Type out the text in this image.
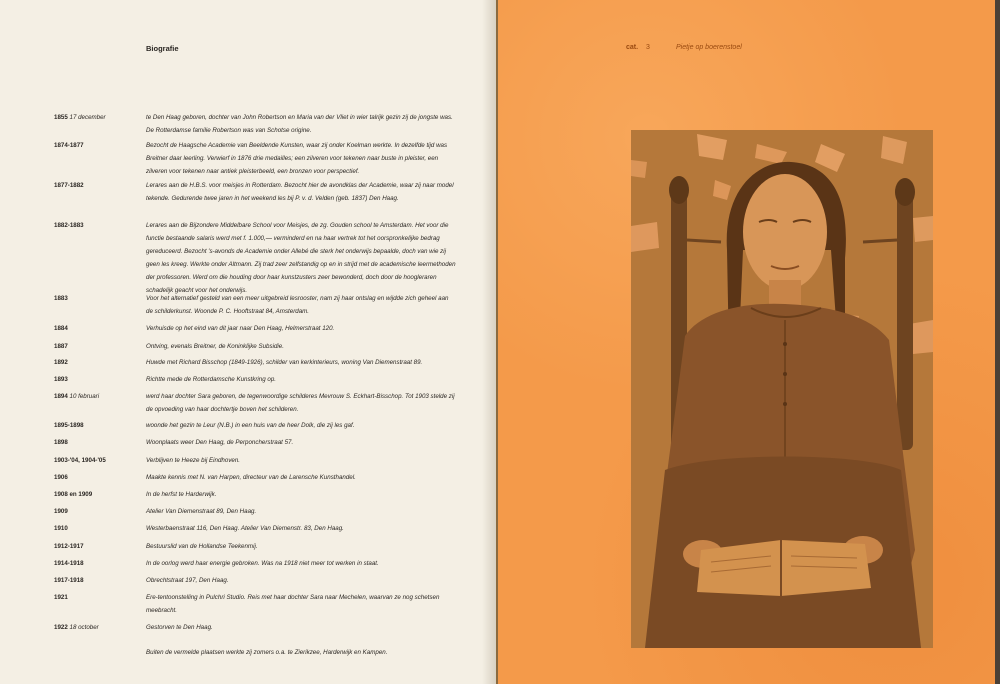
Biografie
1855 17 december	te Den Haag geboren, dochter van John Robertson en Maria van der Vliet in wier talrijk gezin zij de jongste was. De Rotterdamse familie Robertson was van Schotse origine.
1874-1877	Bezocht de Haagsche Academie van Beeldende Kunsten, waar zij onder Koelman werkte. In dezelfde tijd was Breitner daar leerling. Verwierf in 1876 drie medailles; een zilveren voor tekenen naar buste in pleister, een zilveren voor tekenen naar antiek pleisterbeeld, een bronzen voor perspectief.
1877-1882	Lerares aan de H.B.S. voor meisjes in Rotterdam. Bezocht hier de avondklas der Academie, waar zij naar model tekende. Gedurende twee jaren in het weekend les bij P. v. d. Velden (geb. 1837) Den Haag.
1882-1883	Lerares aan de Bijzondere Middelbare School voor Meisjes, de zg. Gouden school te Amsterdam. Het voor die functie bestaande salaris werd met f. 1.000,— verminderd en na haar vertrek tot het oorspronkelijke bedrag gereduceerd. Bezocht 's-avonds de Academie onder Allebé die sterk het onderwijs bepaalde, doch van wie zij geen les kreeg. Werkte onder Altmann. Zij trad zeer zelfstandig op en in strijd met de academische leermethoden der professoren. Werd om die houding door haar kunstzusters zeer bewonderd, doch door de hoogleraren schadelijk geacht voor het onderwijs.
1883	Voor het alternatief gesteld van een meer uitgebreid lesrooster, nam zij haar ontslag en wijdde zich geheel aan de schilderkunst. Woonde P. C. Hooftstraat 84, Amsterdam.
1884	Verhuisde op het eind van dit jaar naar Den Haag, Helmerstraat 120.
1887	Ontving, evenals Breitner, de Koninklijke Subsidie.
1892	Huwde met Richard Bisschop (1849-1926), schilder van kerkinterieurs, woning Van Diemenstraat 89.
1893	Richtte mede de Rotterdamsche Kunstkring op.
1894 10 februari	werd haar dochter Sara geboren, de tegenwoordige schilderes Mevrouw S. Eckhart-Bisschop. Tot 1903 stelde zij de opvoeding van haar dochtertje boven het schilderen.
1895-1898	woonde het gezin te Leur (N.B.) in een huis van de heer Dolk, die zij les gaf.
1898	Woonplaats weer Den Haag, de Perponcherstraat 57.
1903-'04, 1904-'05	Verblijven te Heeze bij Eindhoven.
1906	Maakte kennis met N. van Harpen, directeur van de Larensche Kunsthandel.
1908 en 1909	In de herfst te Harderwijk.
1909	Atelier Van Diemenstraat 89, Den Haag.
1910	Westerbaenstraat 116, Den Haag. Atelier Van Diemenstr. 83, Den Haag.
1912-1917	Bestuurslid van de Hollandse Teekenmij.
1914-1918	In de oorlog werd haar energie gebroken. Was na 1918 niet meer tot werken in staat.
1917-1918	Obrechtstraat 197, Den Haag.
1921	Ere-tentoonstelling in Pulchri Studio. Reis met haar dochter Sara naar Mechelen, waarvan ze nog schetsen meebracht.
1922 18 october	Gestorven te Den Haag.
Buiten de vermelde plaatsen werkte zij zomers o.a. te Zierikzee, Harderwijk en Kampen.
cat. 3	Pietje op boerenstoel
